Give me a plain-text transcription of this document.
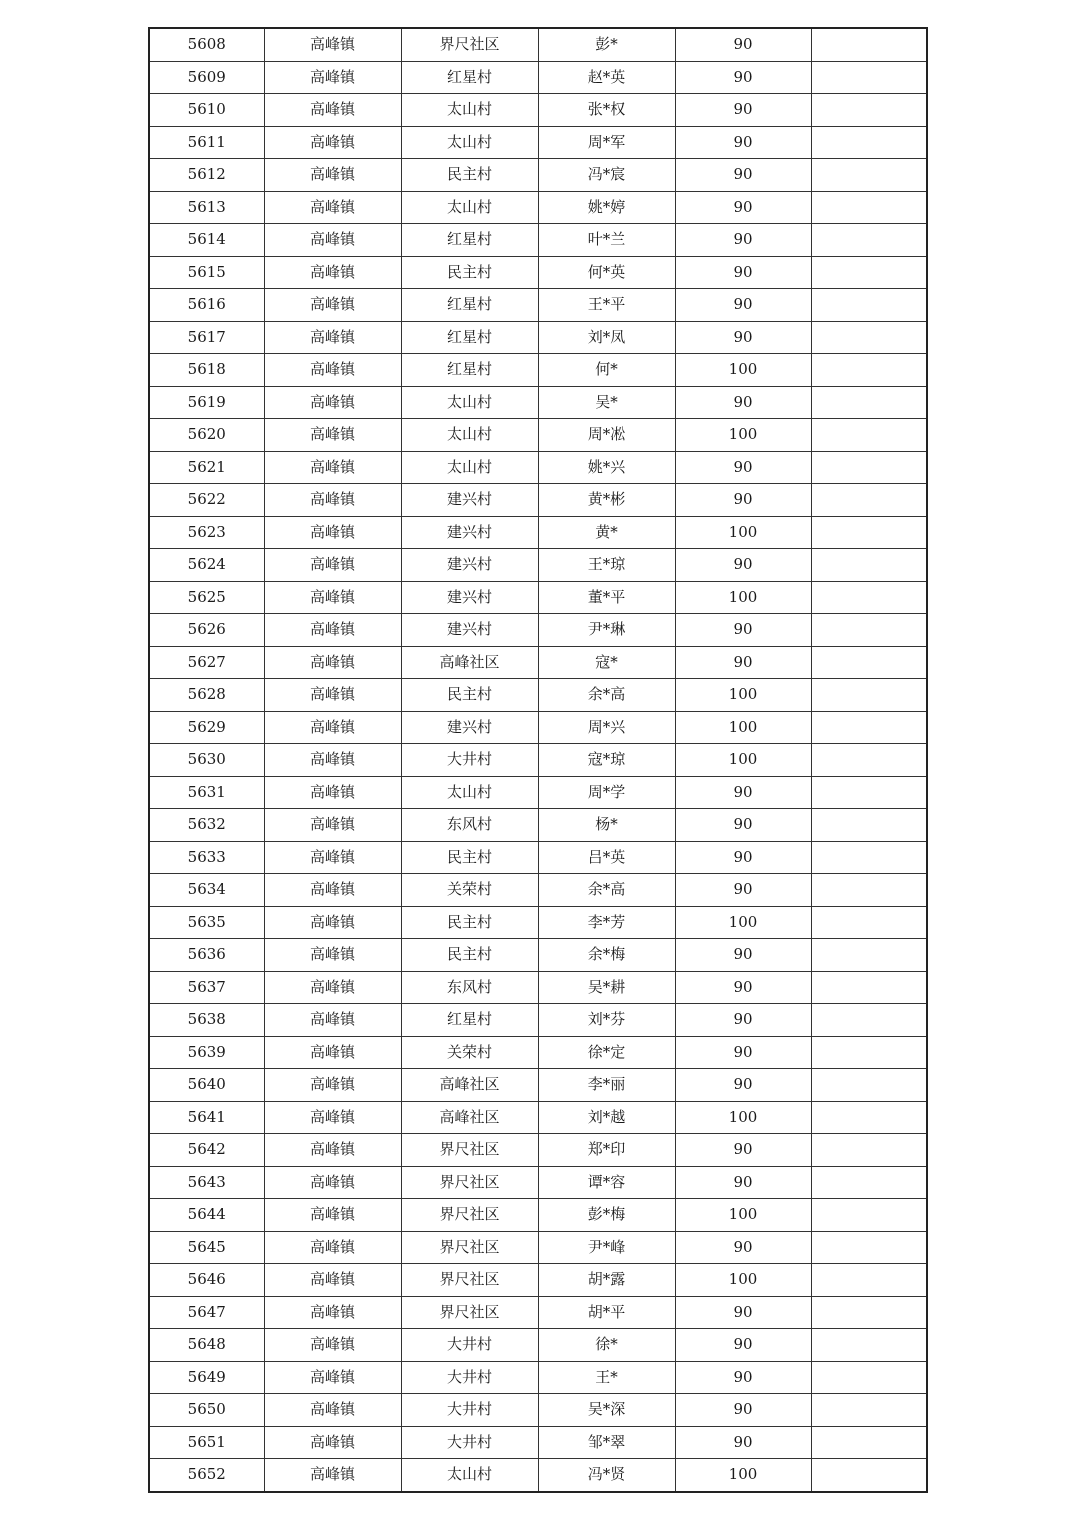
5608	高峰镇	界尺社区	彭*	90	
5609	高峰镇	红星村	赵*英	90	
5610	高峰镇	太山村	张*权	90	
5611	高峰镇	太山村	周*军	90	
5612	高峰镇	民主村	冯*宸	90	
5613	高峰镇	太山村	姚*婷	90	
5614	高峰镇	红星村	叶*兰	90	
5615	高峰镇	民主村	何*英	90	
5616	高峰镇	红星村	王*平	90	
5617	高峰镇	红星村	刘*凤	90	
5618	高峰镇	红星村	何*	100	
5619	高峰镇	太山村	吴*	90	
5620	高峰镇	太山村	周*凇	100	
5621	高峰镇	太山村	姚*兴	90	
5622	高峰镇	建兴村	黄*彬	90	
5623	高峰镇	建兴村	黄*	100	
5624	高峰镇	建兴村	王*琼	90	
5625	高峰镇	建兴村	董*平	100	
5626	高峰镇	建兴村	尹*琳	90	
5627	高峰镇	高峰社区	寇*	90	
5628	高峰镇	民主村	余*高	100	
5629	高峰镇	建兴村	周*兴	100	
5630	高峰镇	大井村	寇*琼	100	
5631	高峰镇	太山村	周*学	90	
5632	高峰镇	东风村	杨*	90	
5633	高峰镇	民主村	吕*英	90	
5634	高峰镇	关荣村	余*高	90	
5635	高峰镇	民主村	李*芳	100	
5636	高峰镇	民主村	余*梅	90	
5637	高峰镇	东风村	吴*耕	90	
5638	高峰镇	红星村	刘*芬	90	
5639	高峰镇	关荣村	徐*定	90	
5640	高峰镇	高峰社区	李*丽	90	
5641	高峰镇	高峰社区	刘*越	100	
5642	高峰镇	界尺社区	郑*印	90	
5643	高峰镇	界尺社区	谭*容	90	
5644	高峰镇	界尺社区	彭*梅	100	
5645	高峰镇	界尺社区	尹*峰	90	
5646	高峰镇	界尺社区	胡*露	100	
5647	高峰镇	界尺社区	胡*平	90	
5648	高峰镇	大井村	徐*	90	
5649	高峰镇	大井村	王*	90	
5650	高峰镇	大井村	吴*深	90	
5651	高峰镇	大井村	邹*翠	90	
5652	高峰镇	太山村	冯*贤	100	
